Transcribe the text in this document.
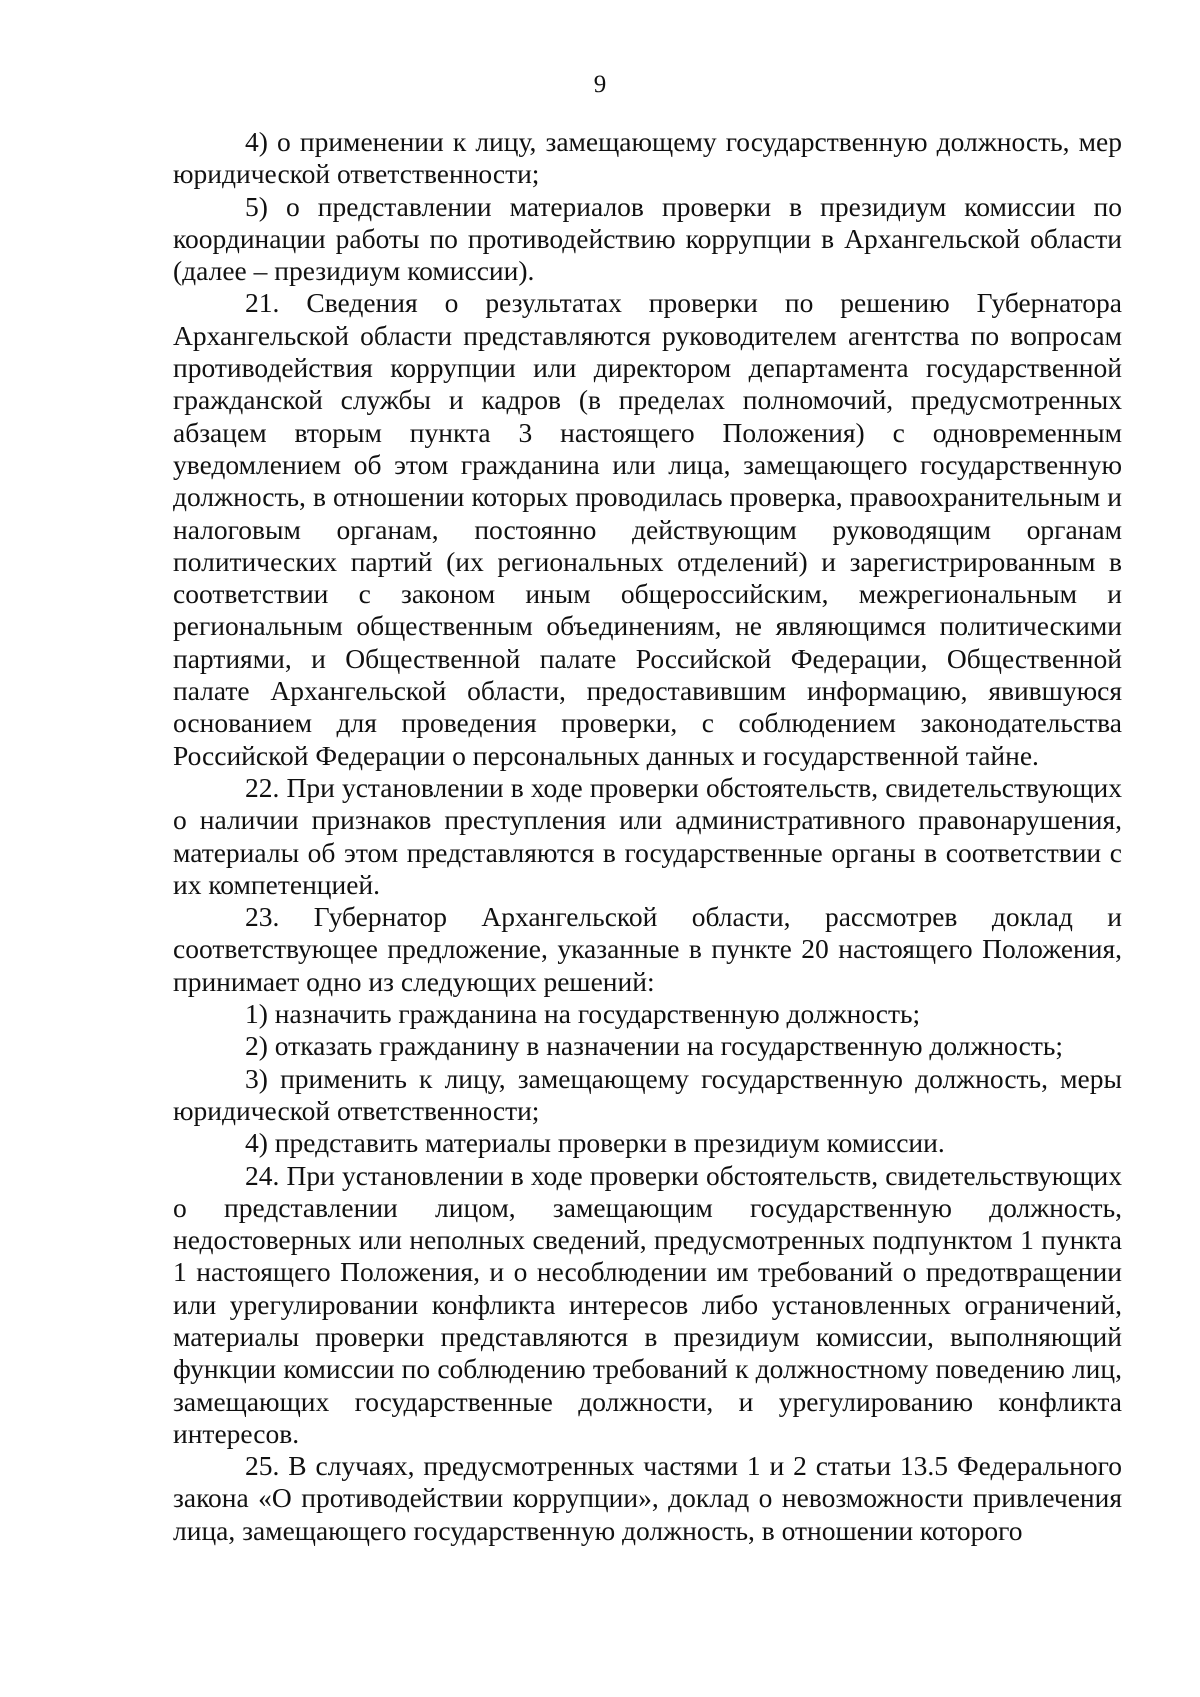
9

4) о применении к лицу, замещающему государственную должность, мер юридической ответственности;

5) о представлении материалов проверки в президиум комиссии по координации работы по противодействию коррупции в Архангельской области (далее – президиум комиссии).

21. Сведения о результатах проверки по решению Губернатора Архангельской области представляются руководителем агентства по вопросам противодействия коррупции или директором департамента государственной гражданской службы и кадров (в пределах полномочий, предусмотренных абзацем вторым пункта 3 настоящего Положения) с одновременным уведомлением об этом гражданина или лица, замещающего государственную должность, в отношении которых проводилась проверка, правоохранительным и налоговым органам, постоянно действующим руководящим органам политических партий (их региональных отделений) и зарегистрированным в соответствии с законом иным общероссийским, межрегиональным и региональным общественным объединениям, не являющимся политическими партиями, и Общественной палате Российской Федерации, Общественной палате Архангельской области, предоставившим информацию, явившуюся основанием для проведения проверки, с соблюдением законодательства Российской Федерации о персональных данных и государственной тайне.

22. При установлении в ходе проверки обстоятельств, свидетельствующих о наличии признаков преступления или административного правонарушения, материалы об этом представляются в государственные органы в соответствии с их компетенцией.

23. Губернатор Архангельской области, рассмотрев доклад и соответствующее предложение, указанные в пункте 20 настоящего Положения, принимает одно из следующих решений:

1) назначить гражданина на государственную должность;

2) отказать гражданину в назначении на государственную должность;

3) применить к лицу, замещающему государственную должность, меры юридической ответственности;

4) представить материалы проверки в президиум комиссии.

24. При установлении в ходе проверки обстоятельств, свидетельствующих о представлении лицом, замещающим государственную должность, недостоверных или неполных сведений, предусмотренных подпунктом 1 пункта 1 настоящего Положения, и о несоблюдении им требований о предотвращении или урегулировании конфликта интересов либо установленных ограничений, материалы проверки представляются в президиум комиссии, выполняющий функции комиссии по соблюдению требований к должностному поведению лиц, замещающих государственные должности, и урегулированию конфликта интересов.

25. В случаях, предусмотренных частями 1 и 2 статьи 13.5 Федерального закона «О противодействии коррупции», доклад о невозможности привлечения лица, замещающего государственную должность, в отношении которого
